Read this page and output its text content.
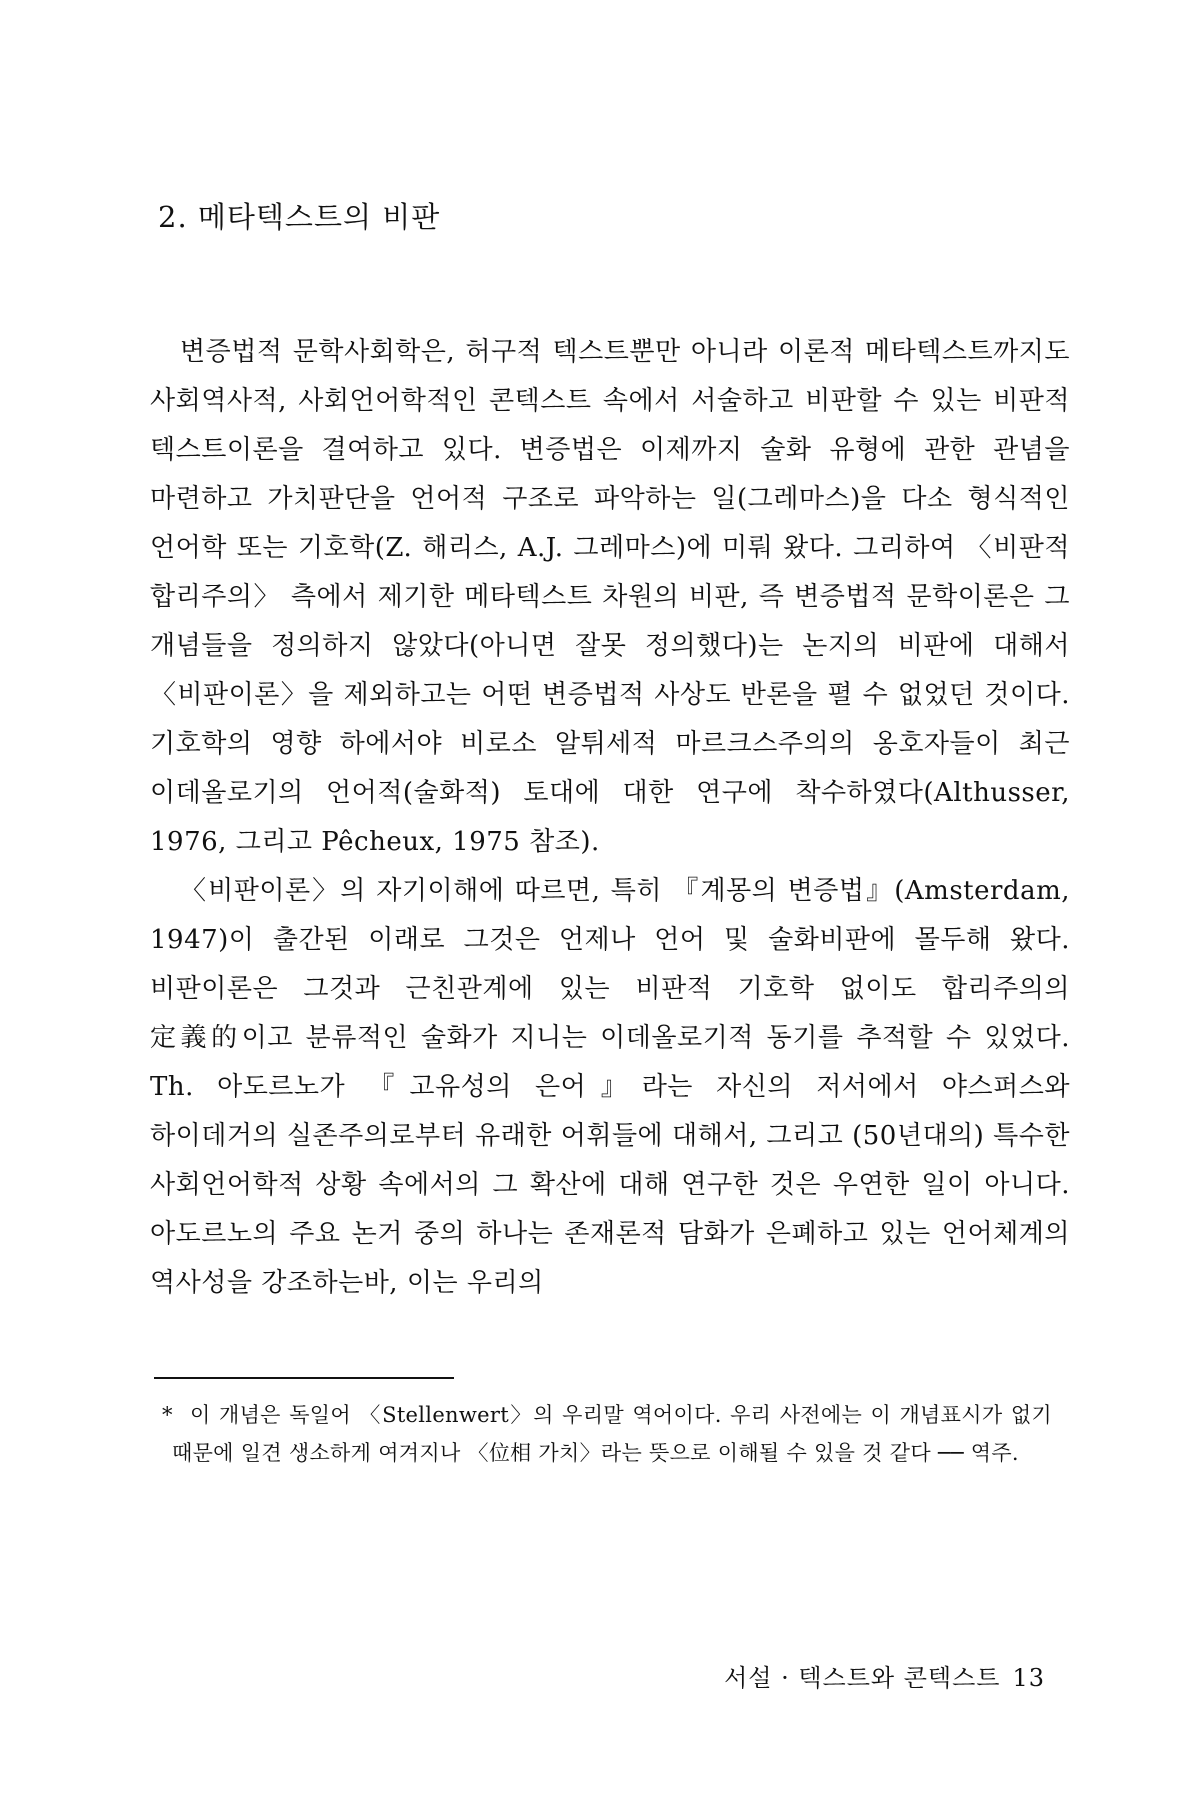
2. 메타텍스트의 비판

변증법적 문학사회학은, 허구적 텍스트뿐만 아니라 이론적 메타텍스트까지도 사회역사적, 사회언어학적인 콘텍스트 속에서 서술하고 비판할 수 있는 비판적 텍스트이론을 결여하고 있다. 변증법은 이제까지 술화 유형에 관한 관념을 마련하고 가치판단을 언어적 구조로 파악하는 일(그레마스)을 다소 형식적인 언어학 또는 기호학(Z. 해리스, A.J. 그레마스)에 미뤄 왔다. 그리하여 〈비판적 합리주의〉 측에서 제기한 메타텍스트 차원의 비판, 즉 변증법적 문학이론은 그 개념들을 정의하지 않았다(아니면 잘못 정의했다)는 논지의 비판에 대해서 〈비판이론〉을 제외하고는 어떤 변증법적 사상도 반론을 펼 수 없었던 것이다. 기호학의 영향 하에서야 비로소 알튀세적 마르크스주의의 옹호자들이 최근 이데올로기의 언어적(술화적) 토대에 대한 연구에 착수하였다(Althusser, 1976, 그리고 Pêcheux, 1975 참조).

〈비판이론〉의 자기이해에 따르면, 특히 『계몽의 변증법』(Amsterdam, 1947)이 출간된 이래로 그것은 언제나 언어 및 술화비판에 몰두해 왔다. 비판이론은 그것과 근친관계에 있는 비판적 기호학 없이도 합리주의의 定義的이고 분류적인 술화가 지니는 이데올로기적 동기를 추적할 수 있었다. Th. 아도르노가 『고유성의 은어』라는 자신의 저서에서 야스퍼스와 하이데거의 실존주의로부터 유래한 어휘들에 대해서, 그리고 (50년대의) 특수한 사회언어학적 상황 속에서의 그 확산에 대해 연구한 것은 우연한 일이 아니다. 아도르노의 주요 논거 중의 하나는 존재론적 담화가 은폐하고 있는 언어체계의 역사성을 강조하는바, 이는 우리의

* 이 개념은 독일어 〈Stellenwert〉의 우리말 역어이다. 우리 사전에는 이 개념표시가 없기 때문에 일견 생소하게 여겨지나 〈位相 가치〉라는 뜻으로 이해될 수 있을 것 같다 ── 역주.
서설 · 텍스트와 콘텍스트 13
